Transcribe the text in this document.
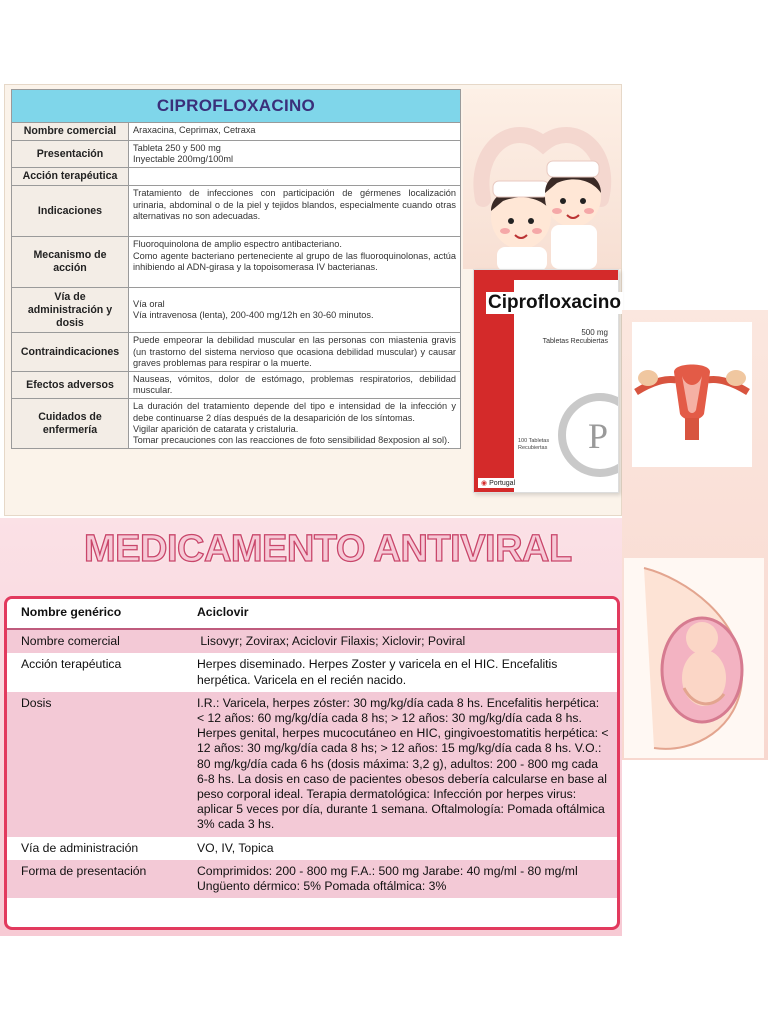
CIPROFLOXACINO	
Nombre comercial	Araxacina, Ceprimax, Cetraxa
Presentación	Tableta 250 y 500 mg
Inyectable 200mg/100ml
Acción terapéutica	
Indicaciones	Tratamiento de infecciones con participación de gérmenes localización urinaria, abdominal o de la piel y tejidos blandos, especialmente cuando otras alternativas no son adecuadas.
Mecanismo de acción	Fluoroquinolona de amplio espectro antibacteriano.
Como agente bacteriano perteneciente al grupo de las fluoroquinolonas, actúa inhibiendo al ADN-girasa y la topoisomerasa IV bacterianas.
Vía de administración y dosis	Vía oral
Vía intravenosa (lenta), 200-400 mg/12h en 30-60 minutos.
Contraindicaciones	Puede empeorar la debilidad muscular en las personas con miastenia gravis (un trastorno del sistema nervioso que ocasiona debilidad muscular) y causar graves problemas para respirar o la muerte.
Efectos adversos	Nauseas, vómitos, dolor de estómago, problemas respiratorios, debilidad muscular.
Cuidados de enfermería	La duración del tratamiento depende del tipo e intensidad de la infección y debe continuarse 2 días después de la desaparición de los síntomas.
Vigilar aparición de catarata y cristaluria.
Tomar precauciones con las reacciones de foto sensibilidad 8exposion al sol).
Ciprofloxacino
500 mg
Tabletas Recubiertas
P
100 Tabletas
Recubiertas
◉ Portugal
MEDICAMENTO ANTIVIRAL
Nombre genérico	Aciclovir
Nombre comercial	Lisovyr; Zovirax; Aciclovir Filaxis; Xiclovir; Poviral
Acción terapéutica	Herpes diseminado. Herpes Zoster y varicela en el HIC. Encefalitis herpética. Varicela en el recién nacido.
Dosis	I.R.: Varicela, herpes zóster: 30 mg/kg/día cada 8 hs. Encefalitis herpética: < 12 años: 60 mg/kg/día cada 8 hs; > 12 años: 30 mg/kg/día cada 8 hs. Herpes genital, herpes mucocutáneo en HIC, gingivoestomatitis herpética: < 12 años: 30 mg/kg/día cada 8 hs; > 12 años: 15 mg/kg/día cada 8 hs. V.O.: 80 mg/kg/día cada 6 hs (dosis máxima: 3,2 g), adultos: 200 - 800 mg cada 6-8 hs. La dosis en caso de pacientes obesos debería calcularse en base al peso corporal ideal. Terapia dermatológica: Infección por herpes virus: aplicar 5 veces por día, durante 1 semana. Oftalmología: Pomada oftálmica 3% cada 3 hs.
Vía de administración	VO, IV, Topica
Forma de presentación	Comprimidos: 200 - 800 mg F.A.: 500 mg Jarabe: 40 mg/ml - 80 mg/ml Ungüento dérmico: 5% Pomada oftálmica: 3%
